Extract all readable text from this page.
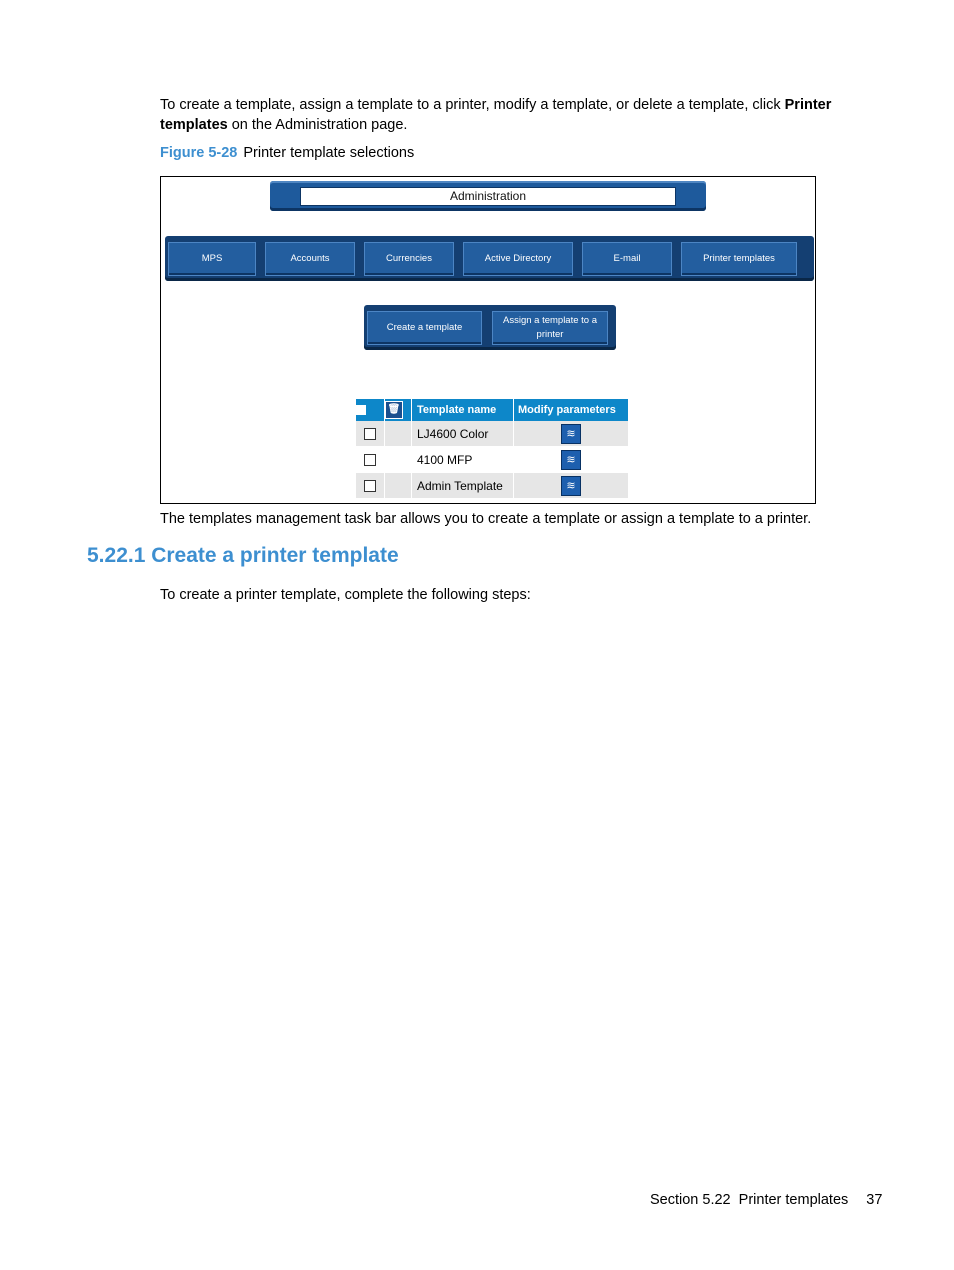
To create a template, assign a template to a printer, modify a template, or delete a template, click Printer templates on the Administration page.
Figure 5-28 Printer template selections
Administration
MPS	Accounts	Currencies	Active Directory	E-mail	Printer templates
Create a template
Assign a template to a printer
	🗑	Template name	Modify parameters
		LJ4600 Color	≋
		4100 MFP	≋
		Admin Template	≋
The templates management task bar allows you to create a template or assign a template to a printer.
5.22.1 Create a printer template
To create a printer template, complete the following steps:
Section 5.22  Printer templates 37
